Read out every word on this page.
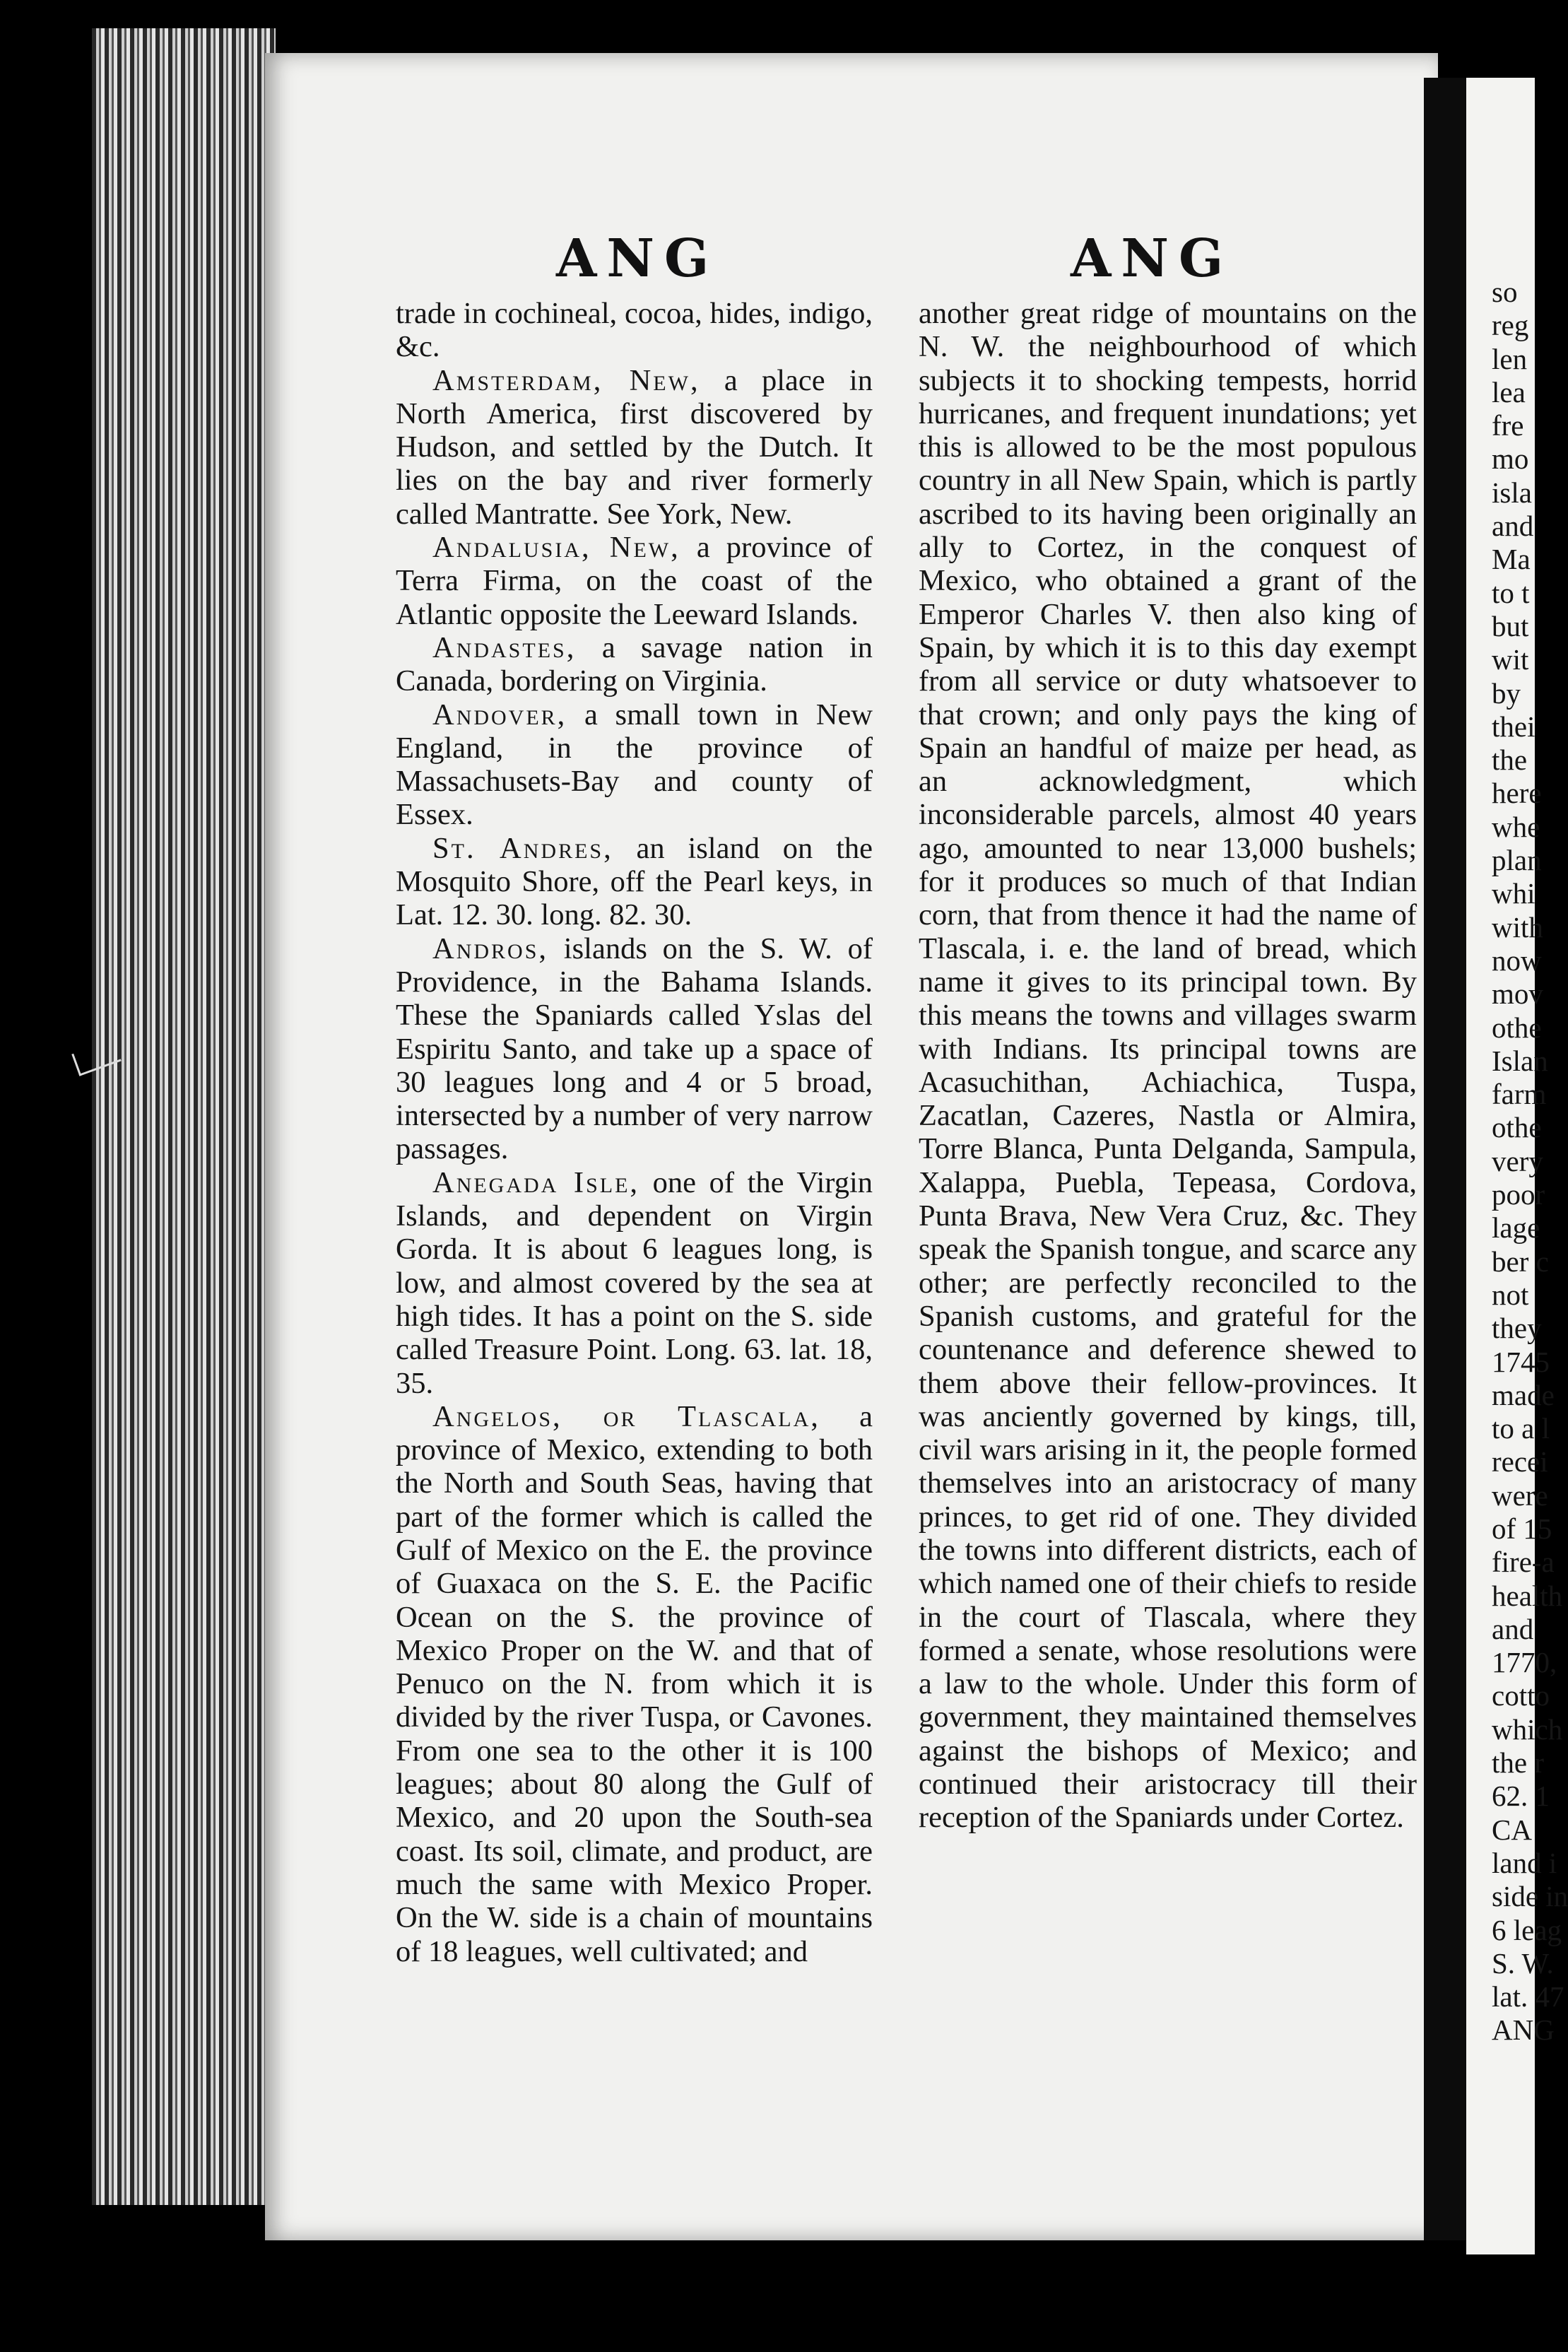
ANG	ANG

trade in cochineal, cocoa, hides, indigo, &c.

Amsterdam, New, a place in North America, first discovered by Hudson, and settled by the Dutch. It lies on the bay and river formerly called Mantratte. See York, New.

Andalusia, New, a province of Terra Firma, on the coast of the Atlantic opposite the Leeward Islands.

Andastes, a savage nation in Canada, bordering on Virginia.

Andover, a small town in New England, in the province of Massachusets-Bay and county of Essex.

St. Andres, an island on the Mosquito Shore, off the Pearl keys, in Lat. 12. 30. long. 82. 30.

Andros, islands on the S. W. of Providence, in the Bahama Islands. These the Spaniards called Yslas del Espiritu Santo, and take up a space of 30 leagues long and 4 or 5 broad, intersected by a number of very narrow passages.

Anegada Isle, one of the Virgin Islands, and dependent on Virgin Gorda. It is about 6 leagues long, is low, and almost covered by the sea at high tides. It has a point on the S. side called Treasure Point. Long. 63. lat. 18, 35.

Angelos, or Tlascala, a province of Mexico, extending to both the North and South Seas, having that part of the former which is called the Gulf of Mexico on the E. the province of Guaxaca on the S. E. the Pacific Ocean on the S. the province of Mexico Proper on the W. and that of Penuco on the N. from which it is divided by the river Tuspa, or Cavones. From one sea to the other it is 100 leagues; about 80 along the Gulf of Mexico, and 20 upon the South-sea coast. Its soil, climate, and product, are much the same with Mexico Proper. On the W. side is a chain of mountains of 18 leagues, well cultivated; and

another great ridge of mountains on the N. W. the neighbourhood of which subjects it to shocking tempests, horrid hurricanes, and frequent inundations; yet this is allowed to be the most populous country in all New Spain, which is partly ascribed to its having been originally an ally to Cortez, in the conquest of Mexico, who obtained a grant of the Emperor Charles V. then also king of Spain, by which it is to this day exempt from all service or duty whatsoever to that crown; and only pays the king of Spain an handful of maize per head, as an acknowledgment, which inconsiderable parcels, almost 40 years ago, amounted to near 13,000 bushels; for it produces so much of that Indian corn, that from thence it had the name of Tlascala, i. e. the land of bread, which name it gives to its principal town. By this means the towns and villages swarm with Indians. Its principal towns are Acasuchithan, Achiachica, Tuspa, Zacatlan, Cazeres, Nastla or Almira, Torre Blanca, Punta Delganda, Sampula, Xalappa, Puebla, Tepeasa, Cordova, Punta Brava, New Vera Cruz, &c. They speak the Spanish tongue, and scarce any other; are perfectly reconciled to the Spanish customs, and grateful for the countenance and deference shewed to them above their fellow-provinces. It was anciently governed by kings, till, civil wars arising in it, the people formed themselves into an aristocracy of many princes, to get rid of one. They divided the towns into different districts, each of which named one of their chiefs to reside in the court of Tlascala, where they formed a senate, whose resolutions were a law to the whole. Under this form of government, they maintained themselves against the bishops of Mexico; and continued their aristocracy till their reception of the Spaniards under Cortez.

so
reg
len
lea
fre
mo
isla
and
Ma
to t
but
wit
by
thei
the
here
whe
plan
whi
with
now
mov
othe
Islan
farm
othe
very
poor
lage
ber c
not
they
1745
made
to a l
recei
were
of 15
fire-a
health
and
1770,
cotto
which
the r
62. 1
CA
land i
side in
6 leag
S. W.
lat. 47
ANG
